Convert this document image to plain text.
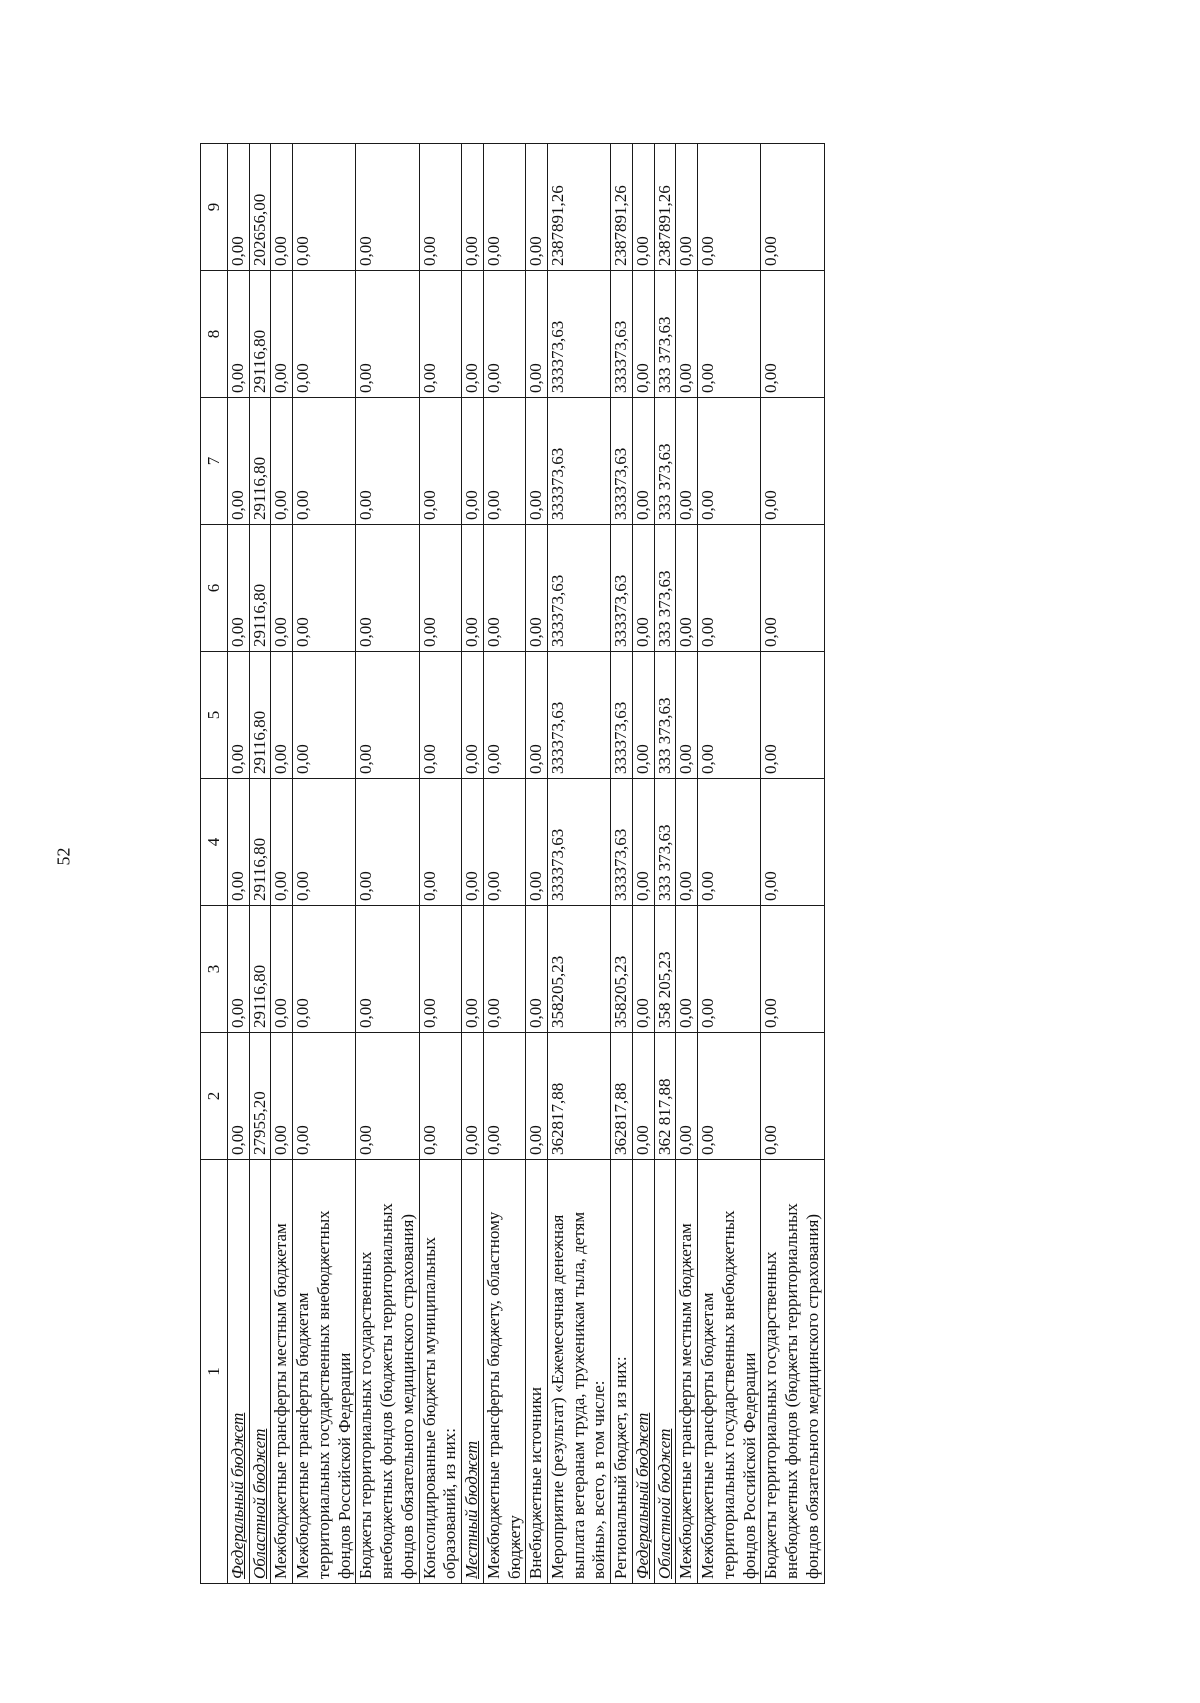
52
1	2	3	4	5	6	7	8	9
Федеральный бюджет	0,00	0,00	0,00	0,00	0,00	0,00	0,00	0,00
Областной бюджет	27955,20	29116,80	29116,80	29116,80	29116,80	29116,80	29116,80	202656,00
Межбюджетные трансферты местным бюджетам	0,00	0,00	0,00	0,00	0,00	0,00	0,00	0,00
Межбюджетные трансферты бюджетам территориальных государственных внебюджетных фондов Российской Федерации	0,00	0,00	0,00	0,00	0,00	0,00	0,00	0,00
Бюджеты территориальных государственных внебюджетных фондов (бюджеты территориальных фондов обязательного медицинского страхования)	0,00	0,00	0,00	0,00	0,00	0,00	0,00	0,00
Консолидированные бюджеты муниципальных образований, из них:	0,00	0,00	0,00	0,00	0,00	0,00	0,00	0,00
Местный бюджет	0,00	0,00	0,00	0,00	0,00	0,00	0,00	0,00
Межбюджетные трансферты бюджету, областному бюджету	0,00	0,00	0,00	0,00	0,00	0,00	0,00	0,00
Внебюджетные источники	0,00	0,00	0,00	0,00	0,00	0,00	0,00	0,00
Мероприятие (результат) «Ежемесячная денежная выплата ветеранам труда, труженикам тыла, детям войны», всего, в том числе:	362817,88	358205,23	333373,63	333373,63	333373,63	333373,63	333373,63	2387891,26
Региональный бюджет, из них:	362817,88	358205,23	333373,63	333373,63	333373,63	333373,63	333373,63	2387891,26
Федеральный бюджет	0,00	0,00	0,00	0,00	0,00	0,00	0,00	0,00
Областной бюджет	362 817,88	358 205,23	333 373,63	333 373,63	333 373,63	333 373,63	333 373,63	2387891,26
Межбюджетные трансферты местным бюджетам	0,00	0,00	0,00	0,00	0,00	0,00	0,00	0,00
Межбюджетные трансферты бюджетам территориальных государственных внебюджетных фондов Российской Федерации	0,00	0,00	0,00	0,00	0,00	0,00	0,00	0,00
Бюджеты территориальных государственных внебюджетных фондов (бюджеты территориальных фондов обязательного медицинского страхования)	0,00	0,00	0,00	0,00	0,00	0,00	0,00	0,00
